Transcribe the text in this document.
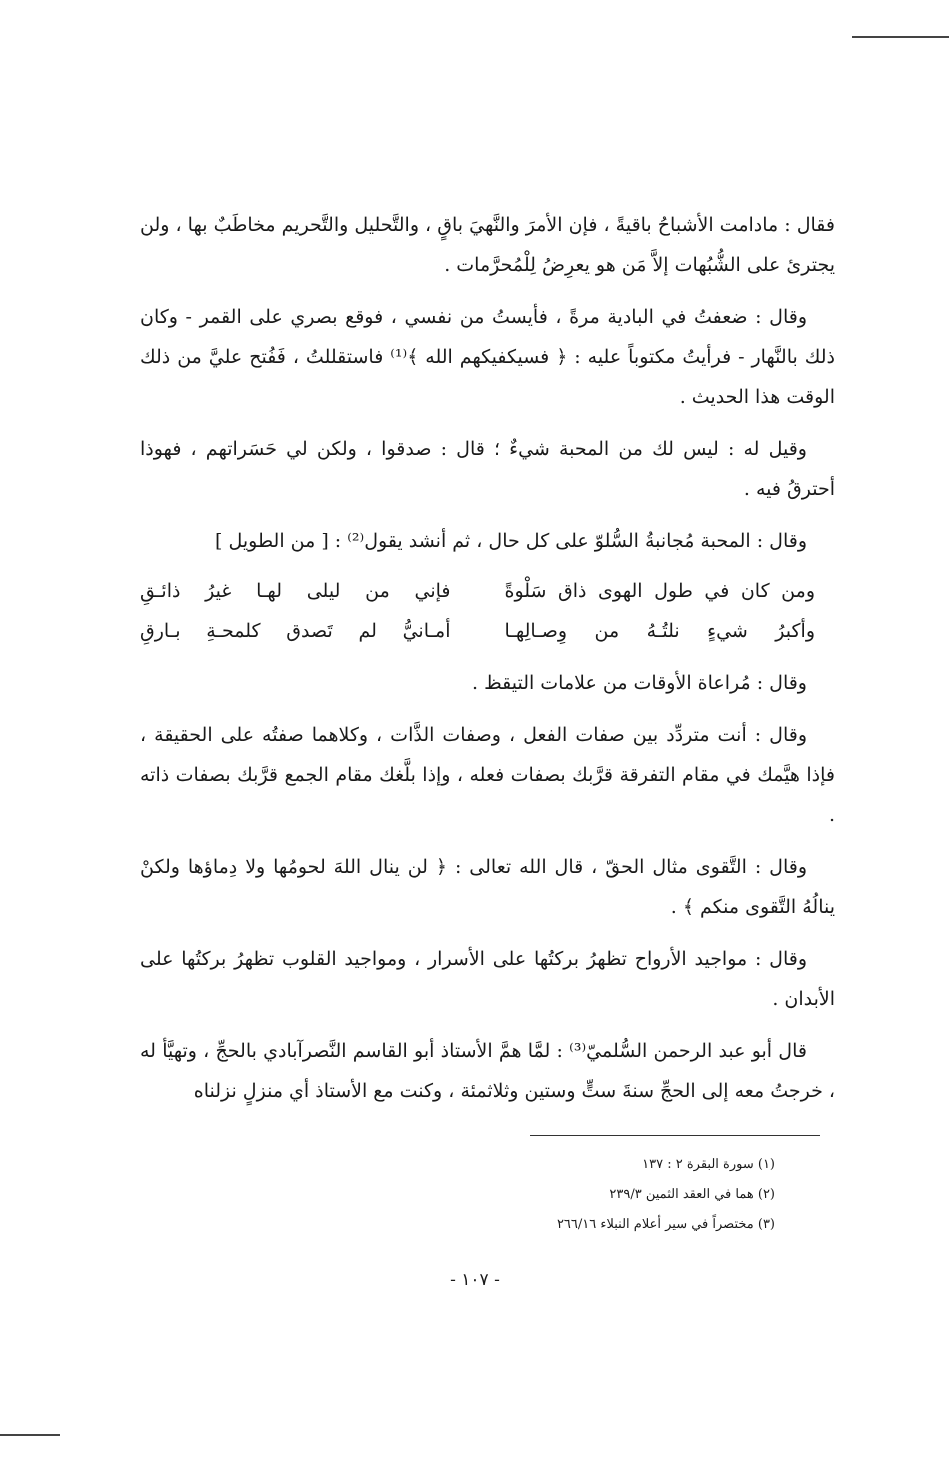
فقال : مادامت الأشباحُ باقيةً ، فإن الأمرَ والنَّهيَ باقٍ ، والتَّحليل والتَّحريم مخاطَبٌ بها ، ولن يجترئ على الشُّبُهات إلاَّ مَن هو يعرِضُ لِلْمُحرَّمات .

وقال : ضعفتُ في البادية مرةً ، فأيستُ من نفسي ، فوقع بصري على القمر - وكان ذلك بالنَّهار - فرأيتُ مكتوباً عليه : ﴿ فسيكفيكهم الله ﴾⁽¹⁾ فاستقللتُ ، فَفُتح عليَّ من ذلك الوقت هذا الحديث .

وقيل له : ليس لك من المحبة شيءٌ ؛ قال : صدقوا ، ولكن لي حَسَراتهم ، فهوذا أحترقُ فيه .

وقال : المحبة مُجانبةُ السُّلوّ على كل حال ، ثم أنشد يقول⁽²⁾ : [ من الطويل ]

ومن كان في طول الهوى ذاق سَلْوةً
فإني من ليلى لهـا غيرُ ذائـقِ
وأكبرُ شيءٍ نلتُـهُ من وِصـالِهـا
أمـانيُّ لم تَصدق كلمحـةِ بـارقِ

وقال : مُراعاة الأوقات من علامات التيقظ .

وقال : أنت متردِّد بين صفات الفعل ، وصفات الذَّات ، وكلاهما صفتُه على الحقيقة ، فإذا هيَّمك في مقام التفرقة قرَّبك بصفات فعله ، وإذا بلَّغك مقام الجمع قرَّبك بصفات ذاته .

وقال : التَّقوى مثال الحقّ ، قال الله تعالى : ﴿ لن ينال اللهَ لحومُها ولا دِماؤها ولكنْ ينالُهُ التَّقوى منكم ﴾ .

وقال : مواجيد الأرواح تظهرُ بركتُها على الأسرار ، ومواجيد القلوب تظهرُ بركتُها على الأبدان .

قال أبو عبد الرحمن السُّلميّ⁽³⁾ : لمَّا همَّ الأستاذ أبو القاسم النَّصرآبادي بالحجِّ ، وتهيَّأ له ، خرجتُ معه إلى الحجِّ سنةَ ستٍّ وستين وثلاثمئة ، وكنت مع الأستاذ أي منزلٍ نزلناه

(١) سورة البقرة ٢ : ١٣٧

(٢) هما في العقد الثمين ٢٣٩/٣

(٣) مختصراً في سير أعلام النبلاء ٢٦٦/١٦

- ١٠٧ -
